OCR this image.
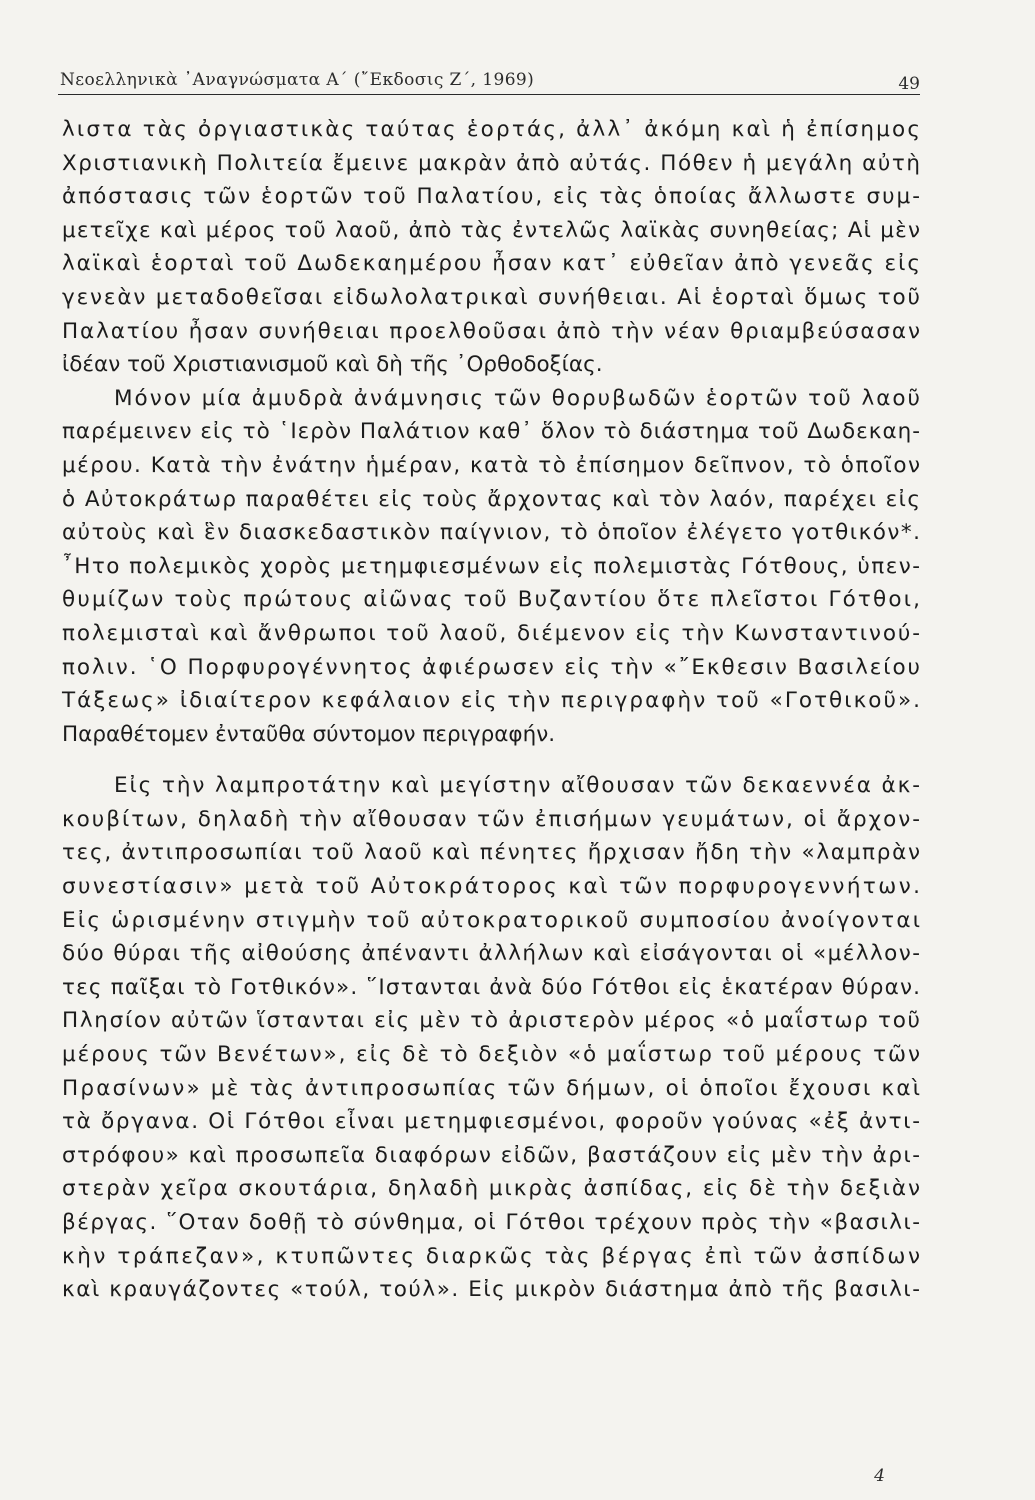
Νεοελληνικὰ ᾿Αναγνώσματα Α΄ (῎Εκδοσις Ζ΄, 1969)	49
λιστα τὰς ὀργιαστικὰς ταύτας ἑορτάς, ἀλλ᾿ ἀκόμη καὶ ἡ ἐπίσημος
Χριστιανικὴ Πολιτεία ἔμεινε μακρὰν ἀπὸ αὐτάς. Πόθεν ἡ μεγάλη αὐτὴ
ἀπόστασις τῶν ἑορτῶν τοῦ Παλατίου, εἰς τὰς ὁποίας ἄλλωστε συμ-
μετεῖχε καὶ μέρος τοῦ λαοῦ, ἀπὸ τὰς ἐντελῶς λαϊκὰς συνηθείας; Αἱ μὲν
λαϊκαὶ ἑορταὶ τοῦ Δωδεκαημέρου ἦσαν κατ᾿ εὐθεῖαν ἀπὸ γενεᾶς εἰς
γενεὰν μεταδοθεῖσαι εἰδωλολατρικαὶ συνήθειαι. Αἱ ἑορταὶ ὅμως τοῦ
Παλατίου ἦσαν συνήθειαι προελθοῦσαι ἀπὸ τὴν νέαν θριαμβεύσασαν
ἰδέαν τοῦ Χριστιανισμοῦ καὶ δὴ τῆς ᾿Ορθοδοξίας.
Μόνον μία ἀμυδρὰ ἀνάμνησις τῶν θορυβωδῶν ἑορτῶν τοῦ λαοῦ
παρέμεινεν εἰς τὸ ῾Ιερὸν Παλάτιον καθ᾿ ὅλον τὸ διάστημα τοῦ Δωδεκαη-
μέρου. Κατὰ τὴν ἐνάτην ἡμέραν, κατὰ τὸ ἐπίσημον δεῖπνον, τὸ ὁποῖον
ὁ Αὐτοκράτωρ παραθέτει εἰς τοὺς ἄρχοντας καὶ τὸν λαόν, παρέχει εἰς
αὐτοὺς καὶ ἓν διασκεδαστικὸν παίγνιον, τὸ ὁποῖον ἐλέγετο γοτθικόν*.
῏Ητο πολεμικὸς χορὸς μετημφιεσμένων εἰς πολεμιστὰς Γότθους, ὑπεν-
θυμίζων τοὺς πρώτους αἰῶνας τοῦ Βυζαντίου ὅτε πλεῖστοι Γότθοι,
πολεμισταὶ καὶ ἄνθρωποι τοῦ λαοῦ, διέμενον εἰς τὴν Κωνσταντινού-
πολιν. ῾Ο Πορφυρογέννητος ἀφιέρωσεν εἰς τὴν «῎Εκθεσιν Βασιλείου
Τάξεως» ἰδιαίτερον κεφάλαιον εἰς τὴν περιγραφὴν τοῦ «Γοτθικοῦ».
Παραθέτομεν ἐνταῦθα σύντομον περιγραφήν.
Εἰς τὴν λαμπροτάτην καὶ μεγίστην αἴθουσαν τῶν δεκαεννέα ἀκ-
κουβίτων, δηλαδὴ τὴν αἴθουσαν τῶν ἐπισήμων γευμάτων, οἱ ἄρχον-
τες, ἀντιπροσωπίαι τοῦ λαοῦ καὶ πένητες ἤρχισαν ἤδη τὴν «λαμπρὰν
συνεστίασιν» μετὰ τοῦ Αὐτοκράτορος καὶ τῶν πορφυρογεννήτων.
Εἰς ὡρισμένην στιγμὴν τοῦ αὐτοκρατορικοῦ συμποσίου ἀνοίγονται
δύο θύραι τῆς αἰθούσης ἀπέναντι ἀλλήλων καὶ εἰσάγονται οἱ «μέλλον-
τες παῖξαι τὸ Γοτθικόν». ῞Ιστανται ἀνὰ δύο Γότθοι εἰς ἑκατέραν θύραν.
Πλησίον αὐτῶν ἵστανται εἰς μὲν τὸ ἀριστερὸν μέρος «ὁ μαΐστωρ τοῦ
μέρους τῶν Βενέτων», εἰς δὲ τὸ δεξιὸν «ὁ μαΐστωρ τοῦ μέρους τῶν
Πρασίνων» μὲ τὰς ἀντιπροσωπίας τῶν δήμων, οἱ ὁποῖοι ἔχουσι καὶ
τὰ ὄργανα. Οἱ Γότθοι εἶναι μετημφιεσμένοι, φοροῦν γούνας «ἐξ ἀντι-
στρόφου» καὶ προσωπεῖα διαφόρων εἰδῶν, βαστάζουν εἰς μὲν τὴν ἀρι-
στερὰν χεῖρα σκουτάρια, δηλαδὴ μικρὰς ἀσπίδας, εἰς δὲ τὴν δεξιὰν
βέργας. ῞Οταν δοθῇ τὸ σύνθημα, οἱ Γότθοι τρέχουν πρὸς τὴν «βασιλι-
κὴν τράπεζαν», κτυπῶντες διαρκῶς τὰς βέργας ἐπὶ τῶν ἀσπίδων
καὶ κραυγάζοντες «τούλ, τούλ». Εἰς μικρὸν διάστημα ἀπὸ τῆς βασιλι-
4
